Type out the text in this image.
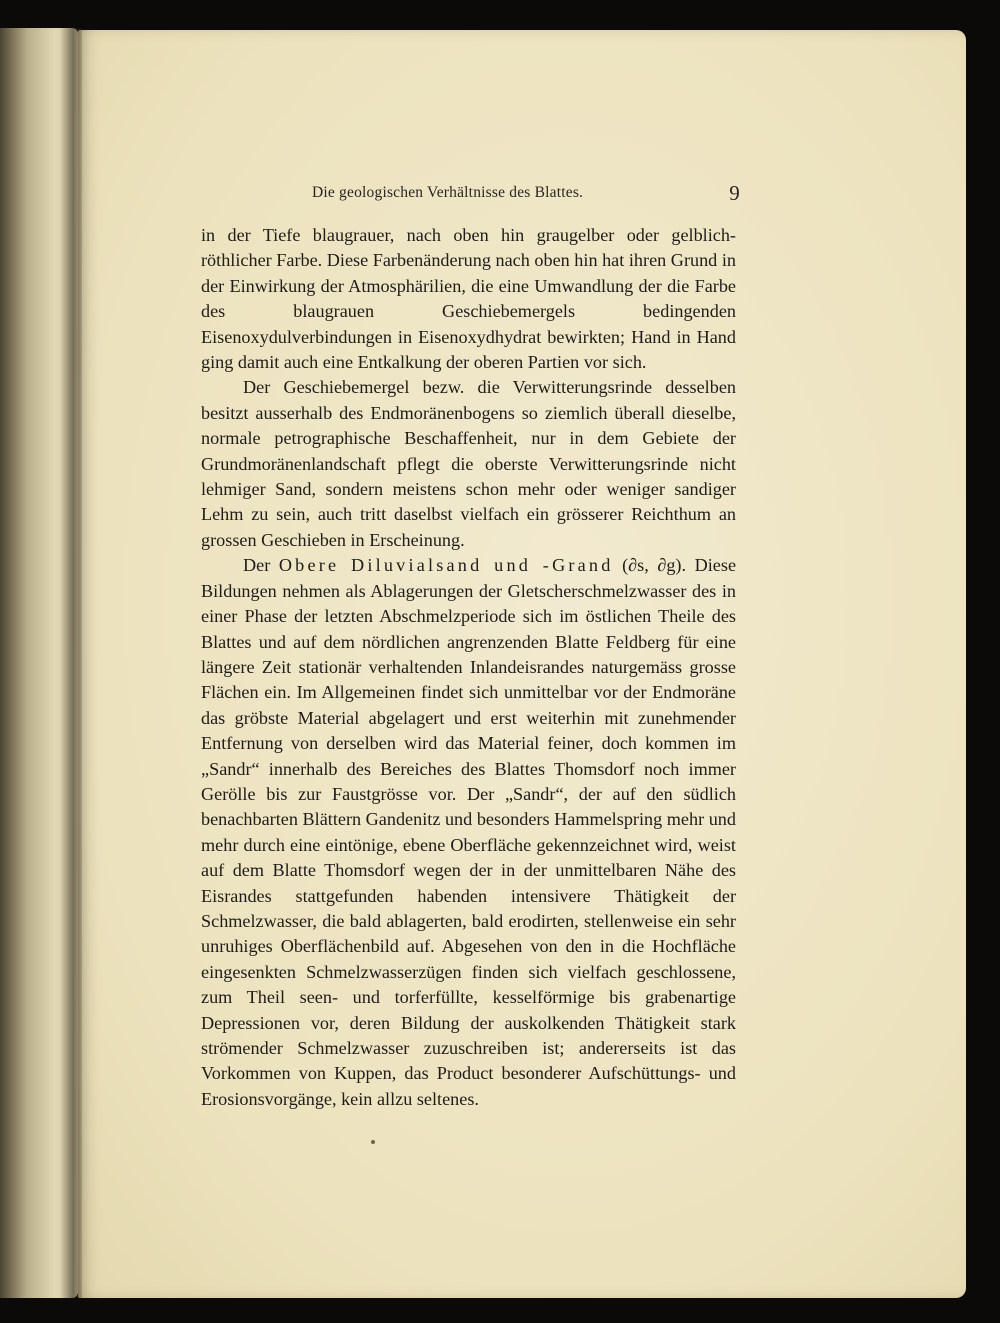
Die geologischen Verhältnisse des Blattes.	9

in der Tiefe blaugrauer, nach oben hin graugelber oder gelblich-röthlicher Farbe. Diese Farbenänderung nach oben hin hat ihren Grund in der Einwirkung der Atmosphärilien, die eine Umwandlung der die Farbe des blaugrauen Geschiebemergels bedingenden Eisenoxydulverbindungen in Eisenoxydhydrat bewirkten; Hand in Hand ging damit auch eine Entkalkung der oberen Partien vor sich.

Der Geschiebemergel bezw. die Verwitterungsrinde desselben besitzt ausserhalb des Endmoränenbogens so ziemlich überall dieselbe, normale petrographische Beschaffenheit, nur in dem Gebiete der Grundmoränenlandschaft pflegt die oberste Verwitterungsrinde nicht lehmiger Sand, sondern meistens schon mehr oder weniger sandiger Lehm zu sein, auch tritt daselbst vielfach ein grösserer Reichthum an grossen Geschieben in Erscheinung.

Der Obere Diluvialsand und -Grand (∂s, ∂g). Diese Bildungen nehmen als Ablagerungen der Gletscherschmelzwasser des in einer Phase der letzten Abschmelzperiode sich im östlichen Theile des Blattes und auf dem nördlichen angrenzenden Blatte Feldberg für eine längere Zeit stationär verhaltenden Inlandeisrandes naturgemäss grosse Flächen ein. Im Allgemeinen findet sich unmittelbar vor der Endmoräne das gröbste Material abgelagert und erst weiterhin mit zunehmender Entfernung von derselben wird das Material feiner, doch kommen im „Sandr“ innerhalb des Bereiches des Blattes Thomsdorf noch immer Gerölle bis zur Faustgrösse vor. Der „Sandr“, der auf den südlich benachbarten Blättern Gandenitz und besonders Hammelspring mehr und mehr durch eine eintönige, ebene Oberfläche gekennzeichnet wird, weist auf dem Blatte Thomsdorf wegen der in der unmittelbaren Nähe des Eisrandes stattgefunden habenden intensivere Thätigkeit der Schmelzwasser, die bald ablagerten, bald erodirten, stellenweise ein sehr unruhiges Oberflächenbild auf. Abgesehen von den in die Hochfläche eingesenkten Schmelzwasserzügen finden sich vielfach geschlossene, zum Theil seen- und torferfüllte, kesselförmige bis grabenartige Depressionen vor, deren Bildung der auskolkenden Thätigkeit stark strömender Schmelzwasser zuzuschreiben ist; andererseits ist das Vorkommen von Kuppen, das Product besonderer Aufschüttungs- und Erosionsvorgänge, kein allzu seltenes.
